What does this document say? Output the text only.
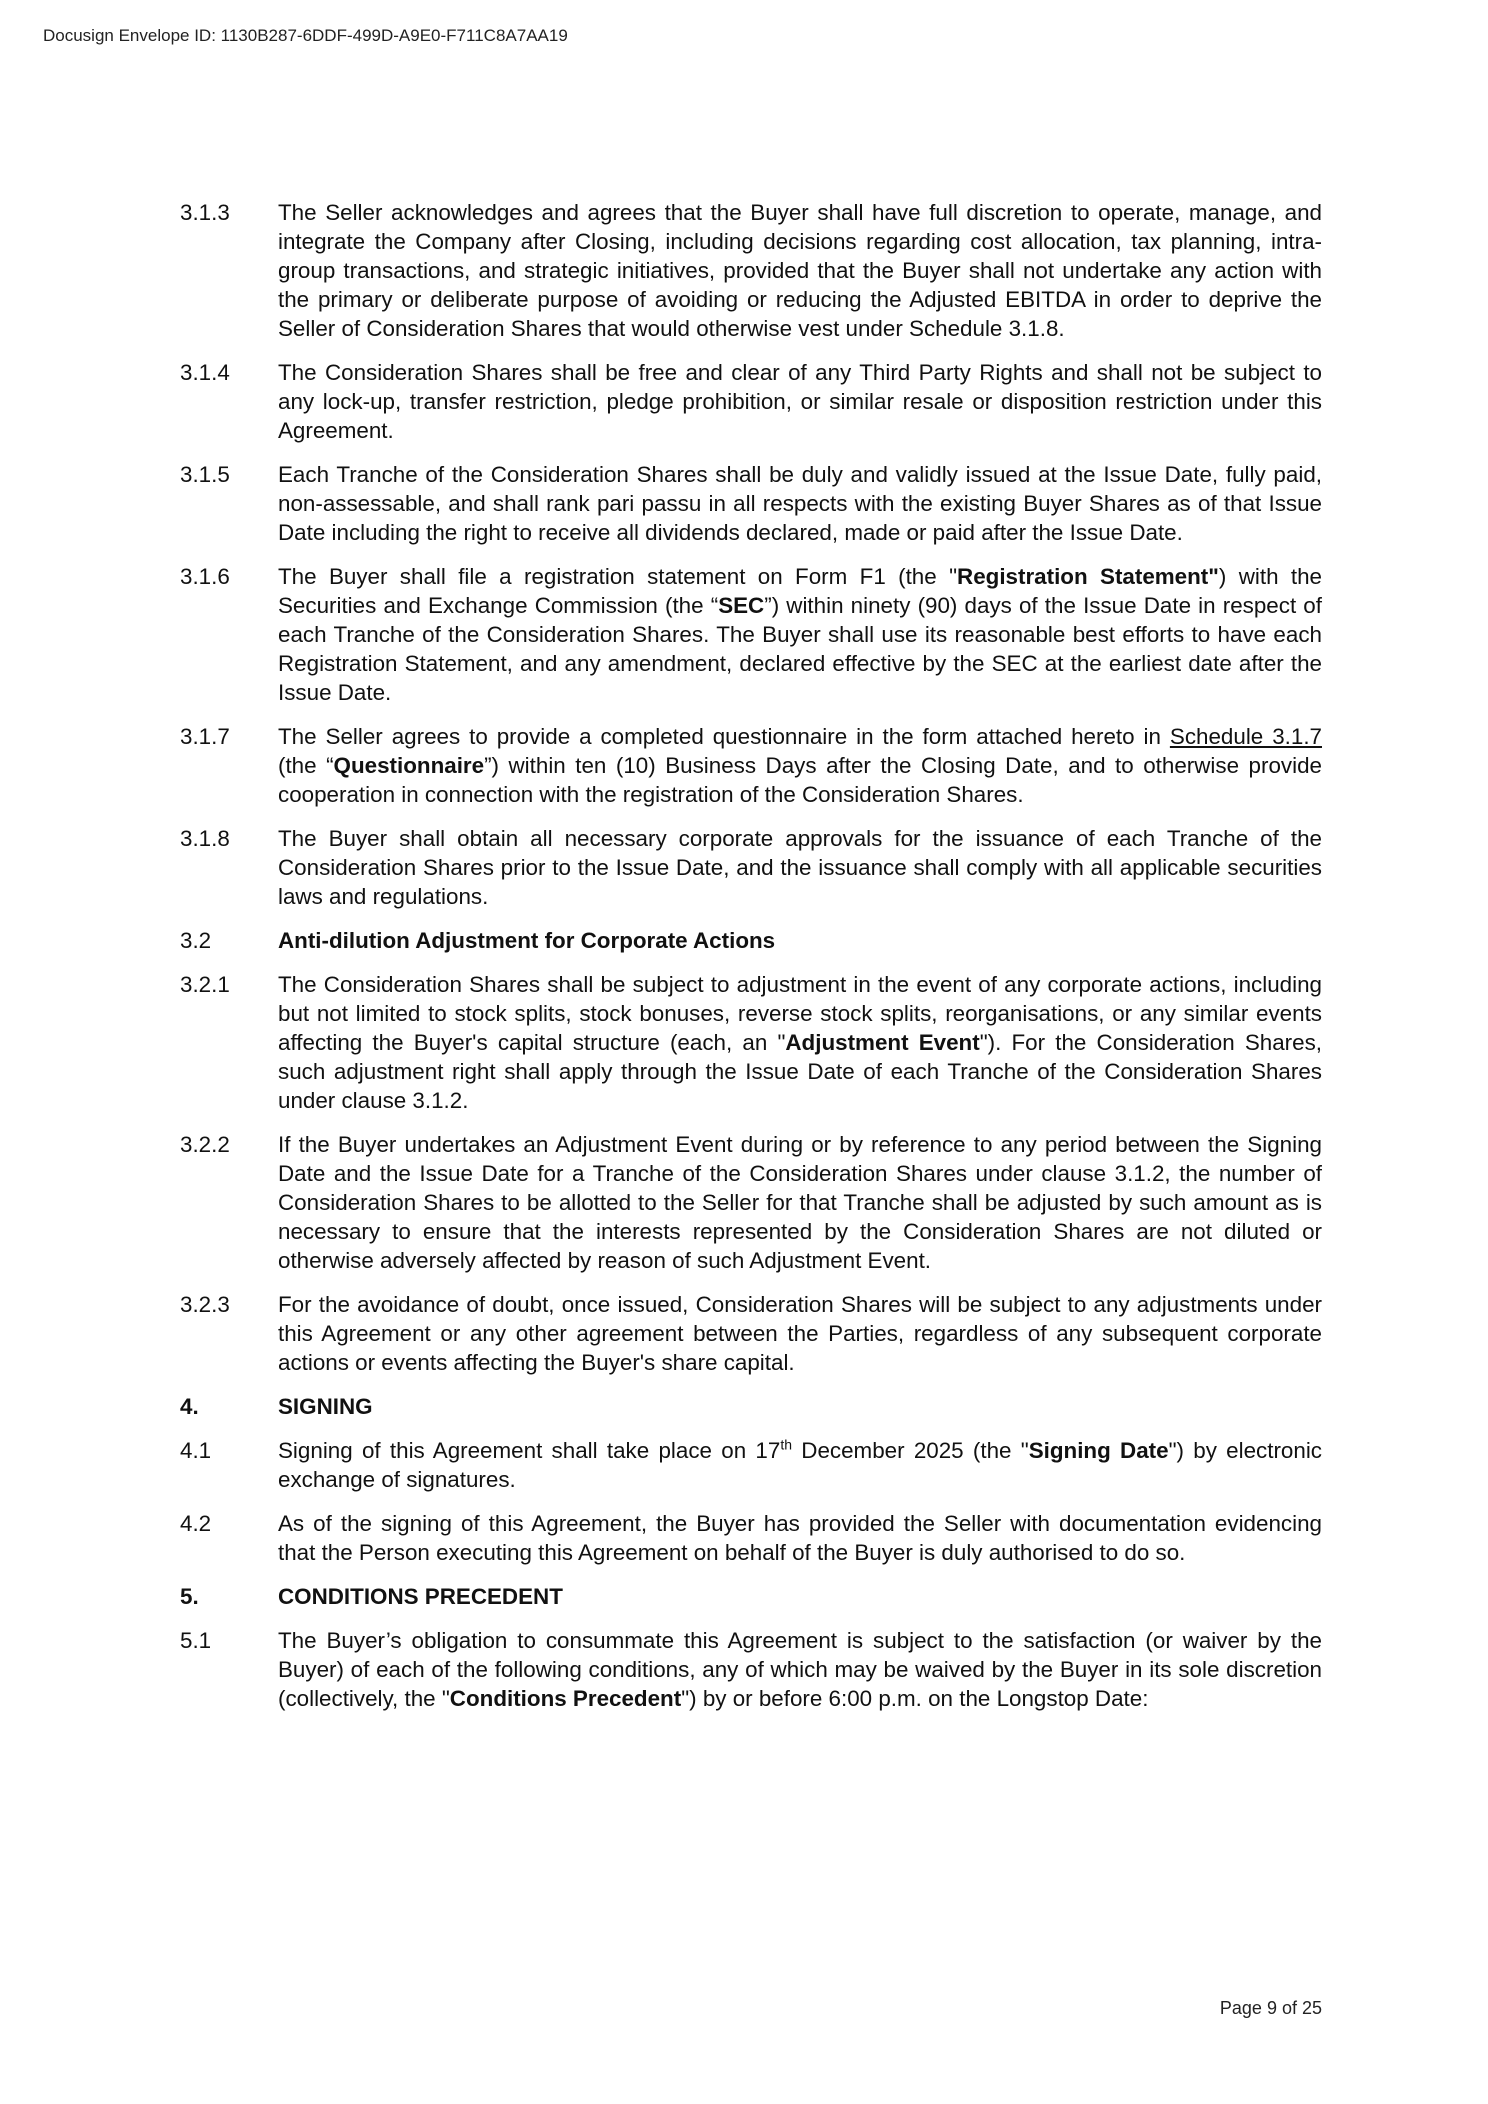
Docusign Envelope ID: 1130B287-6DDF-499D-A9E0-F711C8A7AA19
3.1.3	The Seller acknowledges and agrees that the Buyer shall have full discretion to operate, manage, and integrate the Company after Closing, including decisions regarding cost allocation, tax planning, intra-group transactions, and strategic initiatives, provided that the Buyer shall not undertake any action with the primary or deliberate purpose of avoiding or reducing the Adjusted EBITDA in order to deprive the Seller of Consideration Shares that would otherwise vest under Schedule 3.1.8.
3.1.4	The Consideration Shares shall be free and clear of any Third Party Rights and shall not be subject to any lock-up, transfer restriction, pledge prohibition, or similar resale or disposition restriction under this Agreement.
3.1.5	Each Tranche of the Consideration Shares shall be duly and validly issued at the Issue Date, fully paid, non-assessable, and shall rank pari passu in all respects with the existing Buyer Shares as of that Issue Date including the right to receive all dividends declared, made or paid after the Issue Date.
3.1.6	The Buyer shall file a registration statement on Form F1 (the "Registration Statement") with the Securities and Exchange Commission (the “SEC”) within ninety (90) days of the Issue Date in respect of each Tranche of the Consideration Shares. The Buyer shall use its reasonable best efforts to have each Registration Statement, and any amendment, declared effective by the SEC at the earliest date after the Issue Date.
3.1.7	The Seller agrees to provide a completed questionnaire in the form attached hereto in Schedule 3.1.7 (the “Questionnaire”) within ten (10) Business Days after the Closing Date, and to otherwise provide cooperation in connection with the registration of the Consideration Shares.
3.1.8	The Buyer shall obtain all necessary corporate approvals for the issuance of each Tranche of the Consideration Shares prior to the Issue Date, and the issuance shall comply with all applicable securities laws and regulations.
3.2	Anti-dilution Adjustment for Corporate Actions
3.2.1	The Consideration Shares shall be subject to adjustment in the event of any corporate actions, including but not limited to stock splits, stock bonuses, reverse stock splits, reorganisations, or any similar events affecting the Buyer's capital structure (each, an "Adjustment Event"). For the Consideration Shares, such adjustment right shall apply through the Issue Date of each Tranche of the Consideration Shares under clause 3.1.2.
3.2.2	If the Buyer undertakes an Adjustment Event during or by reference to any period between the Signing Date and the Issue Date for a Tranche of the Consideration Shares under clause 3.1.2, the number of Consideration Shares to be allotted to the Seller for that Tranche shall be adjusted by such amount as is necessary to ensure that the interests represented by the Consideration Shares are not diluted or otherwise adversely affected by reason of such Adjustment Event.
3.2.3	For the avoidance of doubt, once issued, Consideration Shares will be subject to any adjustments under this Agreement or any other agreement between the Parties, regardless of any subsequent corporate actions or events affecting the Buyer's share capital.
4.	SIGNING
4.1	Signing of this Agreement shall take place on 17th December 2025 (the "Signing Date") by electronic exchange of signatures.
4.2	As of the signing of this Agreement, the Buyer has provided the Seller with documentation evidencing that the Person executing this Agreement on behalf of the Buyer is duly authorised to do so.
5.	CONDITIONS PRECEDENT
5.1	The Buyer’s obligation to consummate this Agreement is subject to the satisfaction (or waiver by the Buyer) of each of the following conditions, any of which may be waived by the Buyer in its sole discretion (collectively, the "Conditions Precedent") by or before 6:00 p.m. on the Longstop Date:
Page 9 of 25
